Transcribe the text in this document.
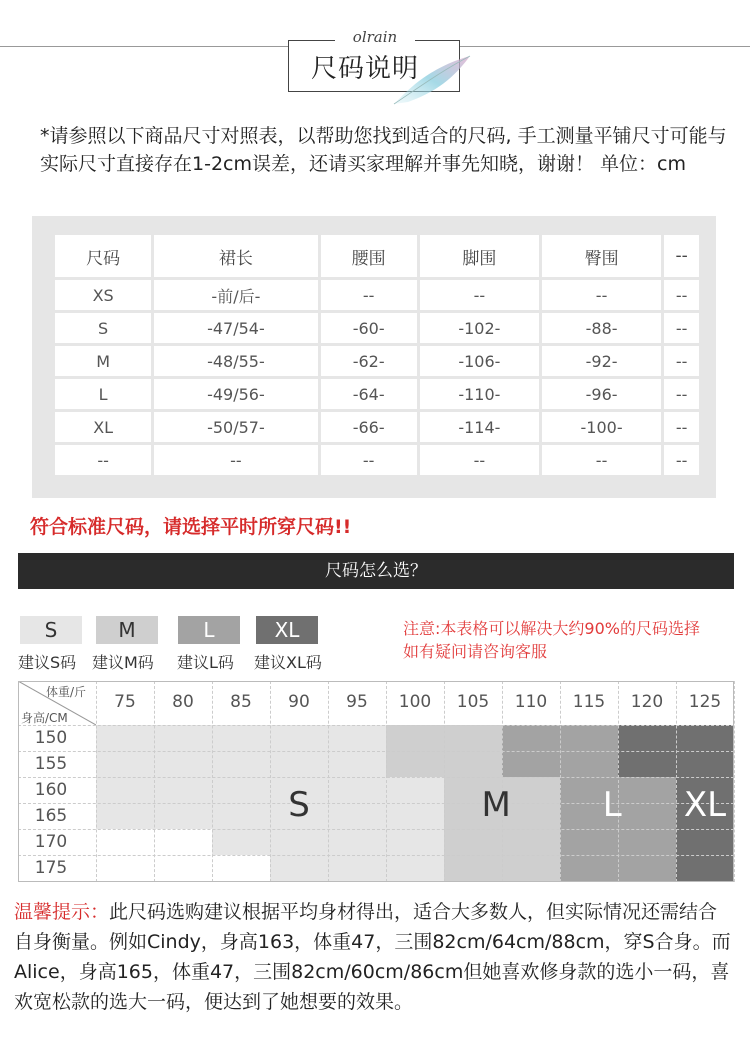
olrain
尺码说明
*请参照以下商品尺寸对照表，以帮助您找到适合的尺码, 手工测量平铺尺寸可能与实际尺寸直接存在1-2cm误差，还请买家理解并事先知晓，谢谢！ 单位：cm
尺码	裙长	腰围	脚围	臀围	--
XS	-前/后-	--	--	--	--
S	-47/54-	-60-	-102-	-88-	--
M	-48/55-	-62-	-106-	-92-	--
L	-49/56-	-64-	-110-	-96-	--
XL	-50/57-	-66-	-114-	-100-	--
--	--	--	--	--	--
符合标准尺码，请选择平时所穿尺码!!
尺码怎么选？
S	M	L	XL
建议S码 建议M码 建议L码 建议XL码
注意:本表格可以解决大约90%的尺码选择
如有疑问请咨询客服
体重/斤
身高/CM
75	80	85	90	95	100	105	110	115	120	125
150
155
160
165
170
175
S	M	L	XL
温馨提示：此尺码选购建议根据平均身材得出，适合大多数人，但实际情况还需结合自身衡量。例如Cindy，身高163，体重47，三围82cm/64cm/88cm，穿S合身。而Alice，身高165，体重47，三围82cm/60cm/86cm但她喜欢修身款的选小一码，喜欢宽松款的选大一码，便达到了她想要的效果。
